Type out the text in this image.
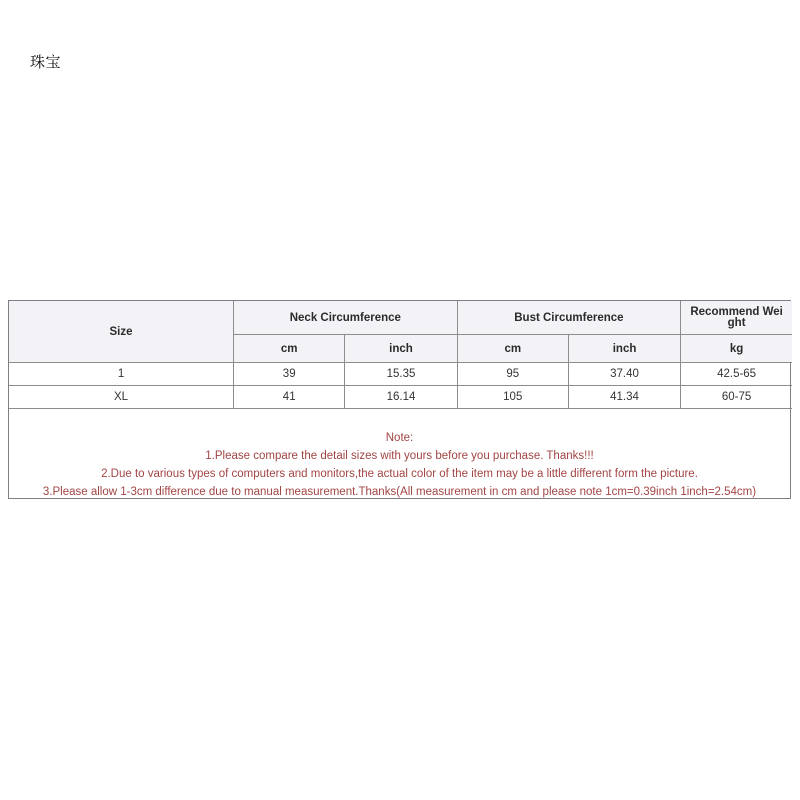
珠宝
Size	Neck Circumference		Bust Circumference		Recommend Wei ght
	cm	inch	cm	inch	kg
1	39	15.35	95	37.40	42.5-65
XL	41	16.14	105	41.34	60-75
Note:
1.Please compare the detail sizes with yours before you purchase. Thanks!!!
2.Due to various types of computers and monitors,the actual color of the item may be a little different form the picture.
3.Please allow 1-3cm difference due to manual measurement.Thanks(All measurement in cm and please note 1cm=0.39inch 1inch=2.54cm)
